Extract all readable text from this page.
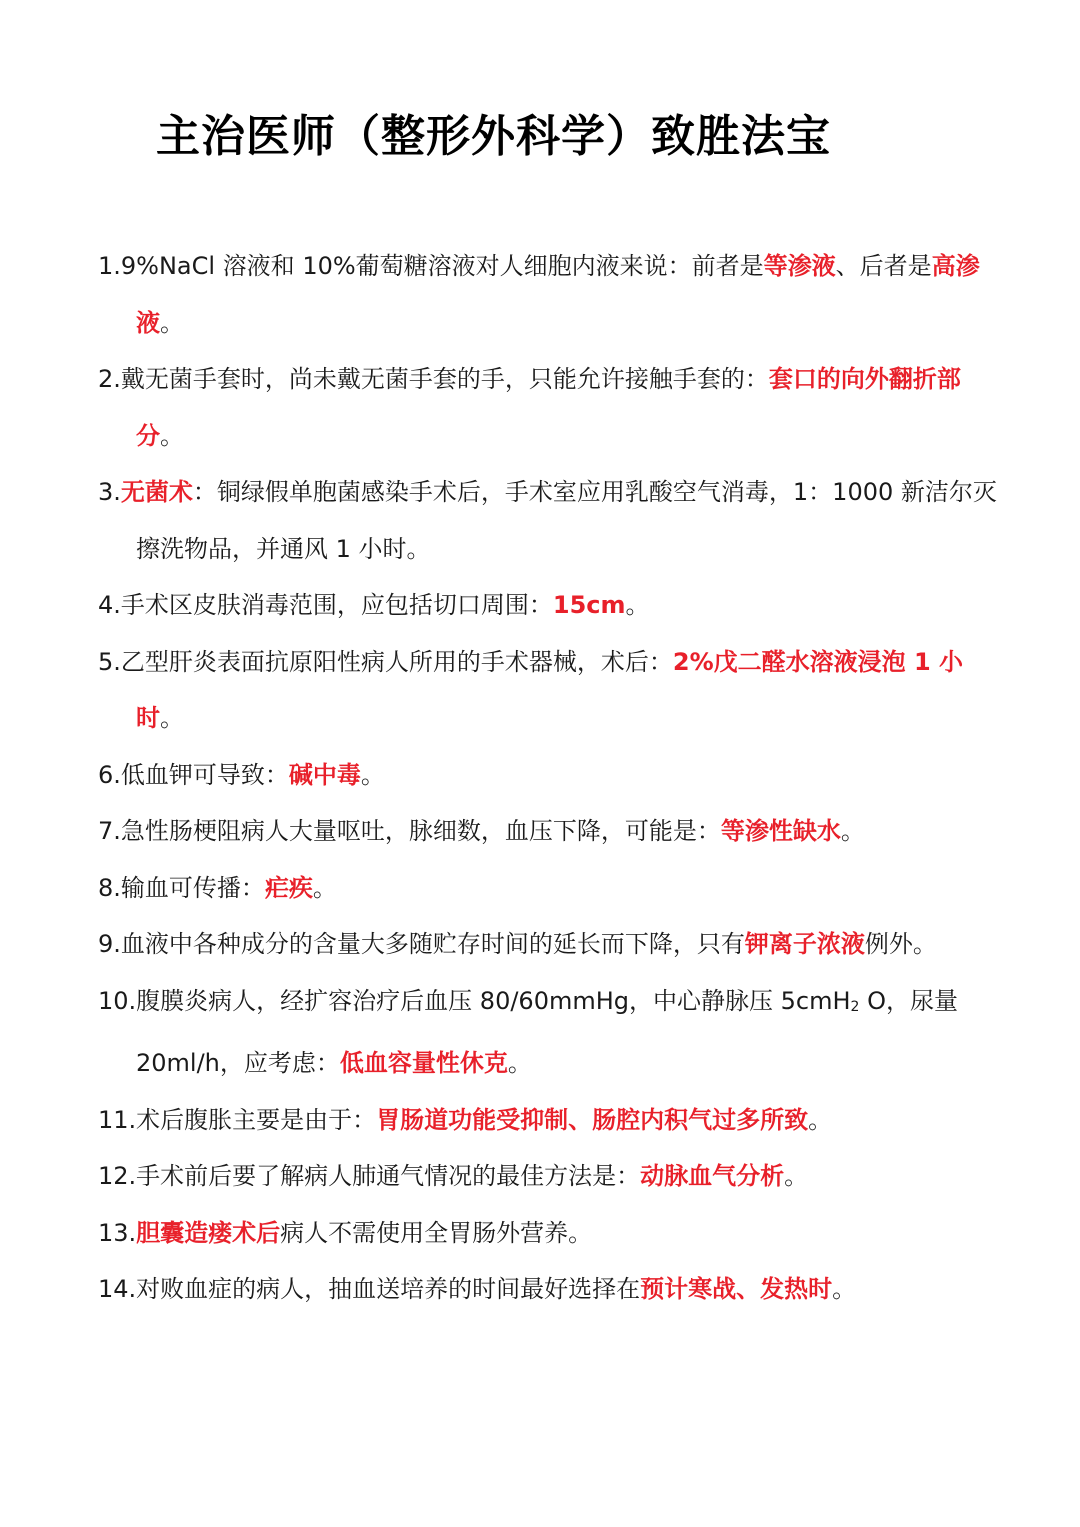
主治医师（整形外科学）致胜法宝
1.9%NaCl 溶液和 10%葡萄糖溶液对人细胞内液来说：前者是等渗液、后者是高渗液。
2.戴无菌手套时，尚未戴无菌手套的手，只能允许接触手套的：套口的向外翻折部分。
3.无菌术：铜绿假单胞菌感染手术后，手术室应用乳酸空气消毒，1：1000 新洁尔灭擦洗物品，并通风 1 小时。
4.手术区皮肤消毒范围，应包括切口周围：15cm。
5.乙型肝炎表面抗原阳性病人所用的手术器械，术后：2%戊二醛水溶液浸泡 1 小时。
6.低血钾可导致：碱中毒。
7.急性肠梗阻病人大量呕吐，脉细数，血压下降，可能是：等渗性缺水。
8.输血可传播：疟疾。
9.血液中各种成分的含量大多随贮存时间的延长而下降，只有钾离子浓液例外。
10.腹膜炎病人，经扩容治疗后血压 80/60mmHg，中心静脉压 5cmH2 O，尿量 20ml/h，应考虑：低血容量性休克。
11.术后腹胀主要是由于：胃肠道功能受抑制、肠腔内积气过多所致。
12.手术前后要了解病人肺通气情况的最佳方法是：动脉血气分析。
13.胆囊造瘘术后病人不需使用全胃肠外营养。
14.对败血症的病人，抽血送培养的时间最好选择在预计寒战、发热时。
